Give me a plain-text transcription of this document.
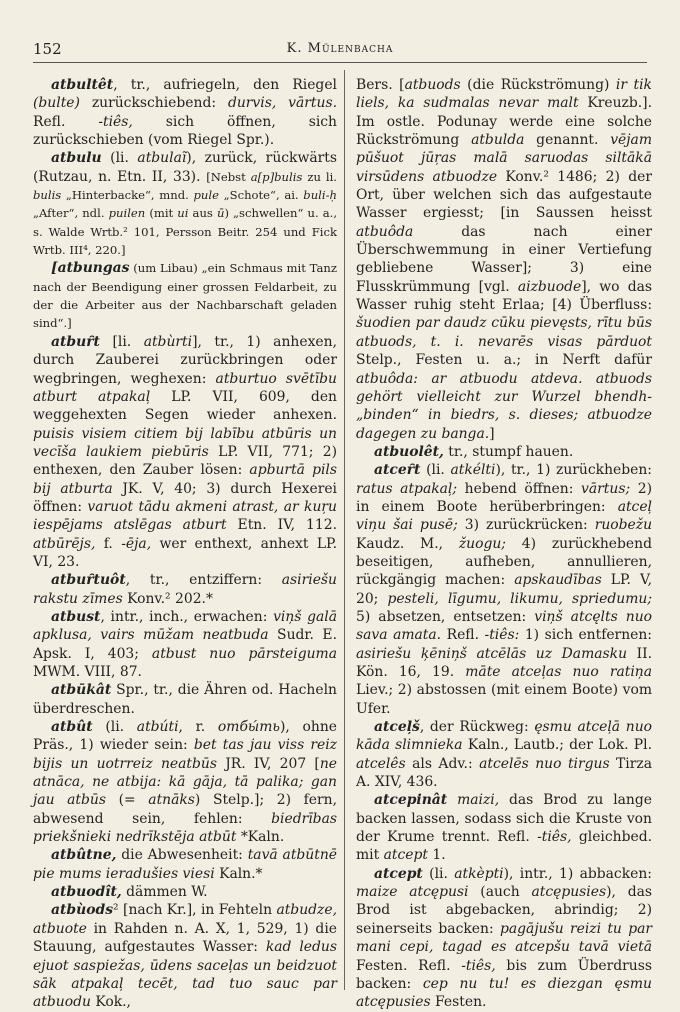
152	K. Mülenbacha

atbultêt, tr., aufriegeln, den Riegel (bulte) zurückschiebend: durvis, vārtus. Refl. -tiês, sich öffnen, sich zurückschieben (vom Riegel Spr.).

atbulu (li. atbulaĩ), zurück, rückwärts (Rutzau, n. Etn. II, 33). [Nebst a[p]bulis zu li. bulis „Hinterbacke“, mnd. pule „Schote“, ai. buli-ḥ „After“, ndl. puilen (mit ui aus ū) „schwellen“ u. a., s. Walde Wrtb.² 101, Persson Beitr. 254 und Fick Wrtb. III⁴, 220.]

[atbungas (um Libau) „ein Schmaus mit Tanz nach der Beendigung einer grossen Feldarbeit, zu der die Arbeiter aus der Nachbarschaft geladen sind“.]

atbuȓt [li. atbùrti], tr., 1) anhexen, durch Zauberei zurückbringen oder wegbringen, weghexen: atburtuo svētību atburt atpakaļ LP. VII, 609, den weggehexten Segen wieder anhexen. puisis visiem citiem bij labību atbūris un vecīša laukiem piebūris LP. VII, 771; 2) enthexen, den Zauber lösen: apburtā pils bij atburta JK. V, 40; 3) durch Hexerei öffnen: varuot tādu akmeni atrast, ar kuŗu iespējams atslēgas atburt Etn. IV, 112. atbūrējs, f. -ēja, wer enthext, anhext LP. VI, 23.

atbuȓtuôt, tr., entziffern: asiriešu rakstu zīmes Konv.² 202.*

atbust, intr., inch., erwachen: viņš galā apklusa, vairs mūžam neatbuda Sudr. E. Apsk. I, 403; atbust nuo pārsteiguma MWM. VIII, 87.

atbūkât Spr., tr., die Ähren od. Hacheln überdreschen.

atbût (li. atbúti, r. отбы́ть), ohne Präs., 1) wieder sein: bet tas jau viss reiz bijis un uotrreiz neatbūs JR. IV, 207 [ne atnāca, ne atbija: kā gāja, tā palika; gan jau atbūs (= atnāks) Stelp.]; 2) fern, abwesend sein, fehlen: biedrības priekšnieki nedrīkstēja atbūt *Kaln.

atbûtne, die Abwesenheit: tavā atbūtnē pie mums ieradušies viesi Kaln.*

atbuodît, dämmen W.

atbùods² [nach Kr.], in Fehteln atbudze, atbuote in Rahden n. A. X, 1, 529, 1) die Stauung, aufgestautes Wasser: kad ledus ejuot saspiežas, ūdens saceļas un beidzuot sāk atpakaļ tecēt, tad tuo sauc par atbuodu Kok.,

Bers. [atbuods (die Rückströmung) ir tik liels, ka sudmalas nevar malt Kreuzb.]. Im ostle. Podunay werde eine solche Rückströmung atbulda genannt. vējam pūšuot jūŗas malā saruodas siltākā virsūdens atbuodze Konv.² 1486; 2) der Ort, über welchen sich das aufgestaute Wasser ergiesst; [in Saussen heisst atbuôda das nach einer Überschwemmung in einer Vertiefung gebliebene Wasser]; 3) eine Flusskrümmung [vgl. aizbuode], wo das Wasser ruhig steht Erlaa; [4) Überfluss: šuodien par daudz cūku pievęsts, rītu būs atbuods, t. i. nevarēs visas pārduot Stelp., Festen u. a.; in Nerft dafür atbuôda: ar atbuodu atdeva. atbuods gehört vielleicht zur Wurzel bhendh- „binden“ in biedrs, s. dieses; atbuodze dagegen zu banga.]

atbuolêt, tr., stumpf hauen.

atceȓt (li. atkélti), tr., 1) zurückheben: ratus atpakaļ; hebend öffnen: vārtus; 2) in einem Boote herüberbringen: atceļ viņu šai pusē; 3) zurückrücken: ruobežu Kaudz. M., žuogu; 4) zurückhebend beseitigen, aufheben, annullieren, rückgängig machen: apskaudības LP. V, 20; pesteli, līgumu, likumu, spriedumu; 5) absetzen, entsetzen: viņš atcęlts nuo sava amata. Refl. -tiês: 1) sich entfernen: asiriešu ķēniņš atcēlās uz Damasku II. Kön. 16, 19. māte atceļas nuo ratiņa Liev.; 2) abstossen (mit einem Boote) vom Ufer.

atceļš, der Rückweg: ęsmu atceļā nuo kāda slimnieka Kaln., Lautb.; der Lok. Pl. atcelês als Adv.: atcelēs nuo tirgus Tirza A. XIV, 436.

atcepinât maizi, das Brod zu lange backen lassen, sodass sich die Kruste von der Krume trennt. Refl. -tiês, gleichbed. mit atcept 1.

atcept (li. atkèpti), intr., 1) abbacken: maize atcępusi (auch atcępusies), das Brod ist abgebacken, abrindig; 2) seinerseits backen: pagājušu reizi tu par mani cepi, tagad es atcepšu tavā vietā Festen. Refl. -tiês, bis zum Überdruss backen: cep nu tu! es diezgan ęsmu atcępusies Festen.
